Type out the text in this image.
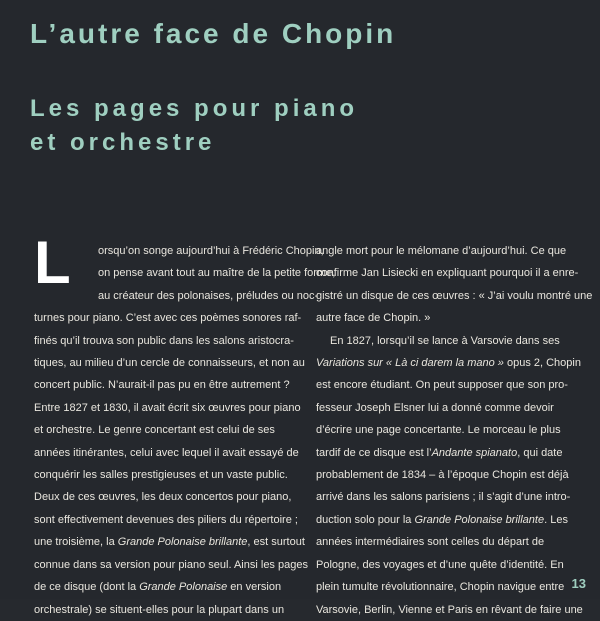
L’autre face de Chopin
Les pages pour piano
et orchestre
L	orsqu’on songe aujourd’hui à Frédéric Chopin,
on pense avant tout au maître de la petite forme,
au créateur des polonaises, préludes ou noc-
turnes pour piano. C’est avec ces poèmes sonores raf-
finés qu’il trouva son public dans les salons aristocra-
tiques, au milieu d’un cercle de connaisseurs, et non au
concert public. N’aurait-il pas pu en être autrement ?
Entre 1827 et 1830, il avait écrit six œuvres pour piano
et orchestre. Le genre concertant est celui de ses
années itinérantes, celui avec lequel il avait essayé de
conquérir les salles prestigieuses et un vaste public.
Deux de ces œuvres, les deux concertos pour piano,
sont effectivement devenues des piliers du répertoire ;
une troisième, la Grande Polonaise brillante, est surtout
connue dans sa version pour piano seul. Ainsi les pages
de ce disque (dont la Grande Polonaise en version
orchestrale) se situent-elles pour la plupart dans un
angle mort pour le mélomane d’aujourd’hui. Ce que
confirme Jan Lisiecki en expliquant pourquoi il a enre-
gistré un disque de ces œuvres : « J’ai voulu montré une
autre face de Chopin. »
En 1827, lorsqu’il se lance à Varsovie dans ses
Variations sur « Là ci darem la mano » opus 2, Chopin
est encore étudiant. On peut supposer que son pro-
fesseur Joseph Elsner lui a donné comme devoir
d’écrire une page concertante. Le morceau le plus
tardif de ce disque est l’Andante spianato, qui date
probablement de 1834 – à l’époque Chopin est déjà
arrivé dans les salons parisiens ; il s’agit d’une intro-
duction solo pour la Grande Polonaise brillante. Les
années intermédiaires sont celles du départ de
Pologne, des voyages et d’une quête d’identité. En
plein tumulte révolutionnaire, Chopin navigue entre
Varsovie, Berlin, Vienne et Paris en rêvant de faire une
13
